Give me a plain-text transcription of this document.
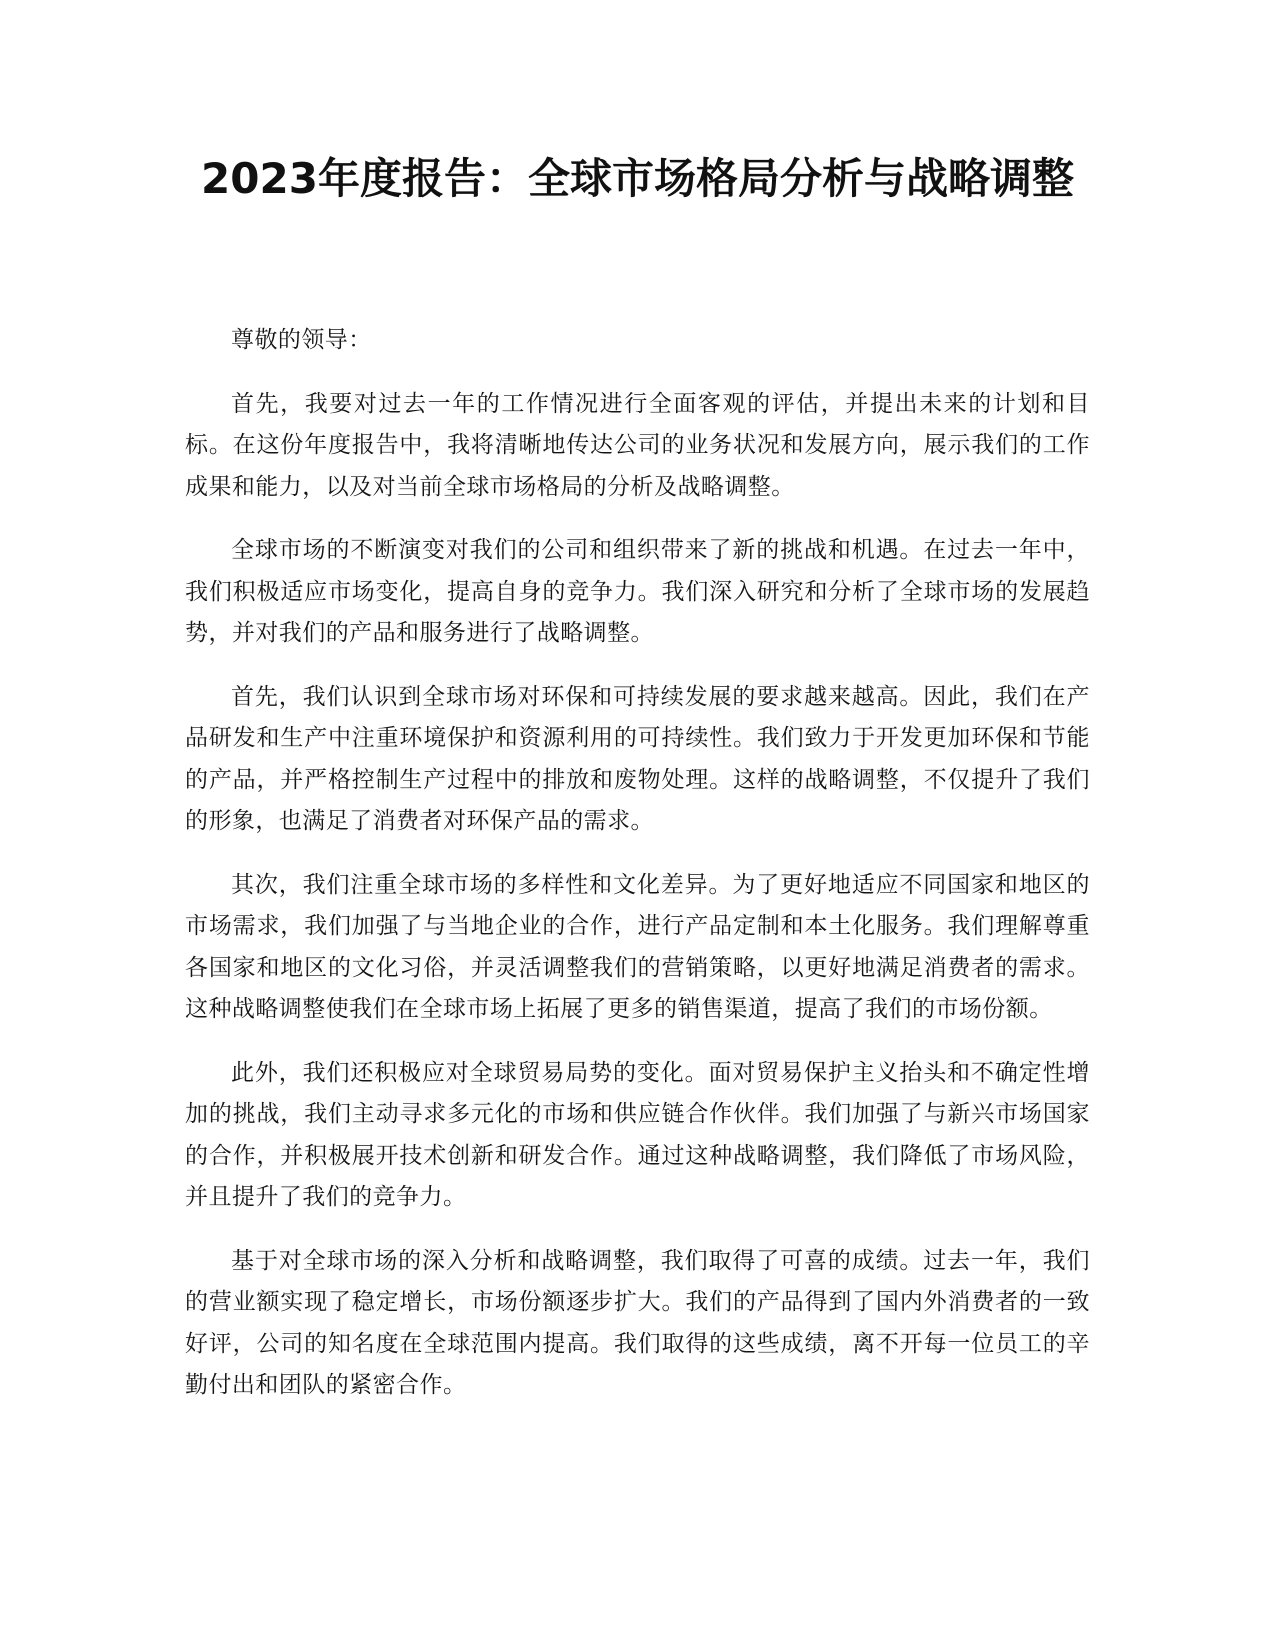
2023年度报告：全球市场格局分析与战略调整

尊敬的领导：

首先，我要对过去一年的工作情况进行全面客观的评估，并提出未来的计划和目标。在这份年度报告中，我将清晰地传达公司的业务状况和发展方向，展示我们的工作成果和能力，以及对当前全球市场格局的分析及战略调整。

全球市场的不断演变对我们的公司和组织带来了新的挑战和机遇。在过去一年中，我们积极适应市场变化，提高自身的竞争力。我们深入研究和分析了全球市场的发展趋势，并对我们的产品和服务进行了战略调整。

首先，我们认识到全球市场对环保和可持续发展的要求越来越高。因此，我们在产品研发和生产中注重环境保护和资源利用的可持续性。我们致力于开发更加环保和节能的产品，并严格控制生产过程中的排放和废物处理。这样的战略调整，不仅提升了我们的形象，也满足了消费者对环保产品的需求。

其次，我们注重全球市场的多样性和文化差异。为了更好地适应不同国家和地区的市场需求，我们加强了与当地企业的合作，进行产品定制和本土化服务。我们理解尊重各国家和地区的文化习俗，并灵活调整我们的营销策略，以更好地满足消费者的需求。这种战略调整使我们在全球市场上拓展了更多的销售渠道，提高了我们的市场份额。

此外，我们还积极应对全球贸易局势的变化。面对贸易保护主义抬头和不确定性增加的挑战，我们主动寻求多元化的市场和供应链合作伙伴。我们加强了与新兴市场国家的合作，并积极展开技术创新和研发合作。通过这种战略调整，我们降低了市场风险，并且提升了我们的竞争力。

基于对全球市场的深入分析和战略调整，我们取得了可喜的成绩。过去一年，我们的营业额实现了稳定增长，市场份额逐步扩大。我们的产品得到了国内外消费者的一致好评，公司的知名度在全球范围内提高。我们取得的这些成绩，离不开每一位员工的辛勤付出和团队的紧密合作。
